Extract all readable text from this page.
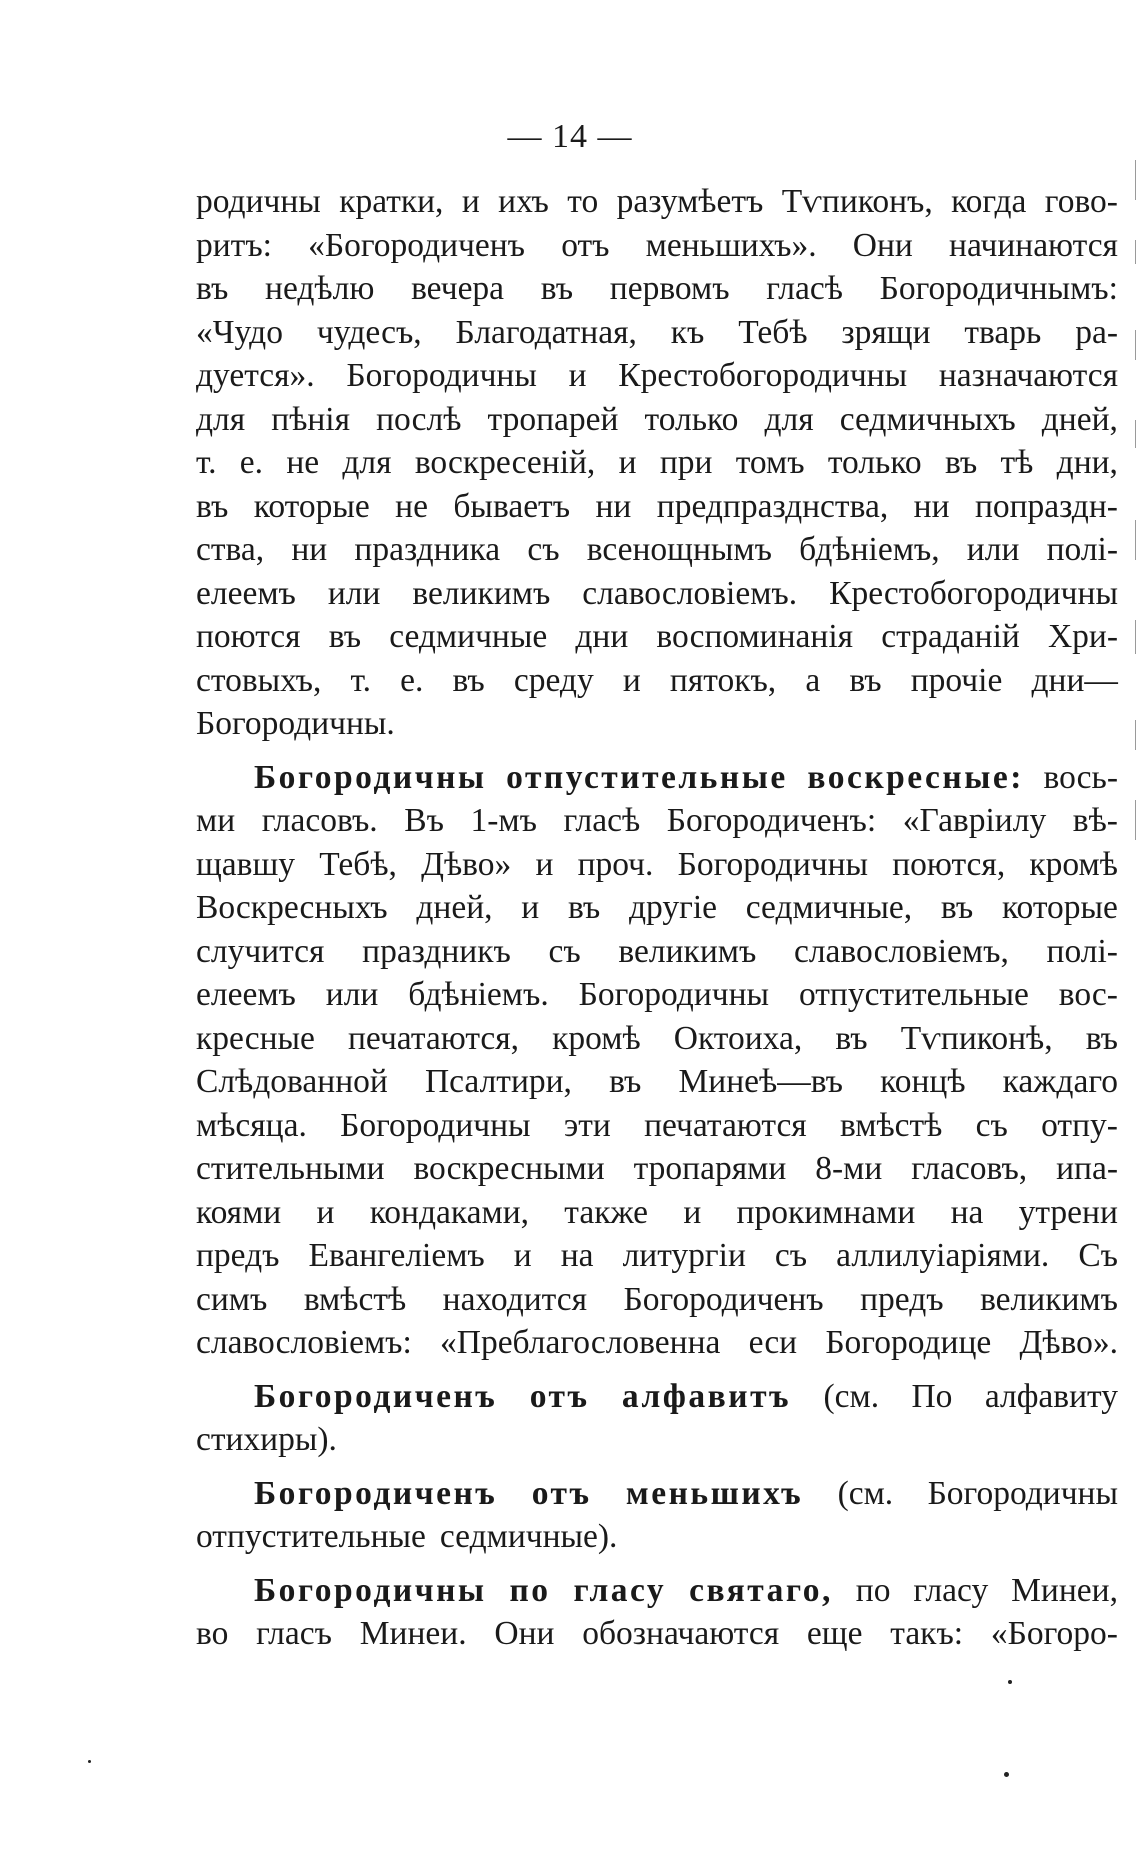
— 14 —
родичны кратки, и ихъ то разумѣетъ Тѵпиконъ, когда гово-
ритъ: «Богородиченъ отъ меньшихъ». Они начинаются
въ недѣлю вечера въ первомъ гласѣ Богородичнымъ:
«Чудо чудесъ, Благодатная, къ Тебѣ зрящи тварь ра-
дуется». Богородичны и Крестобогородичны назначаются
для пѣнія послѣ тропарей только для седмичныхъ дней,
т. е. не для воскресеній, и при томъ только въ тѣ дни,
въ которые не бываетъ ни предпразднства, ни попраздн-
ства, ни праздника съ всенощнымъ бдѣніемъ, или полі-
елеемъ или великимъ славословіемъ. Крестобогородичны
поются въ седмичные дни воспоминанія страданій Хри-
стовыхъ, т. е. въ среду и пятокъ, а въ прочіе дни—
Богородичны.
Богородичны отпустительные воскресные: вось-
ми гласовъ. Въ 1-мъ гласѣ Богородиченъ: «Гавріилу вѣ-
щавшу Тебѣ, Дѣво» и проч. Богородичны поются, кромѣ
Воскресныхъ дней, и въ другіе седмичные, въ которые
случится праздникъ съ великимъ славословіемъ, полі-
елеемъ или бдѣніемъ. Богородичны отпустительные вос-
кресные печатаются, кромѣ Октоиха, въ Тѵпиконѣ, въ
Слѣдованной Псалтири, въ Минеѣ—въ концѣ каждаго
мѣсяца. Богородичны эти печатаются вмѣстѣ съ отпу-
стительными воскресными тропарями 8-ми гласовъ, ипа-
коями и кондаками, также и прокимнами на утрени
предъ Евангеліемъ и на литургіи съ аллилуіаріями. Съ
симъ вмѣстѣ находится Богородиченъ предъ великимъ
славословіемъ: «Преблагословенна еси Богородице Дѣво».
Богородиченъ отъ алфавитъ (см. По алфавиту
стихиры).
Богородиченъ отъ меньшихъ (см. Богородичны
отпустительные седмичные).
Богородичны по гласу святаго, по гласу Минеи,
во гласъ Минеи. Они обозначаются еще такъ: «Богоро-
